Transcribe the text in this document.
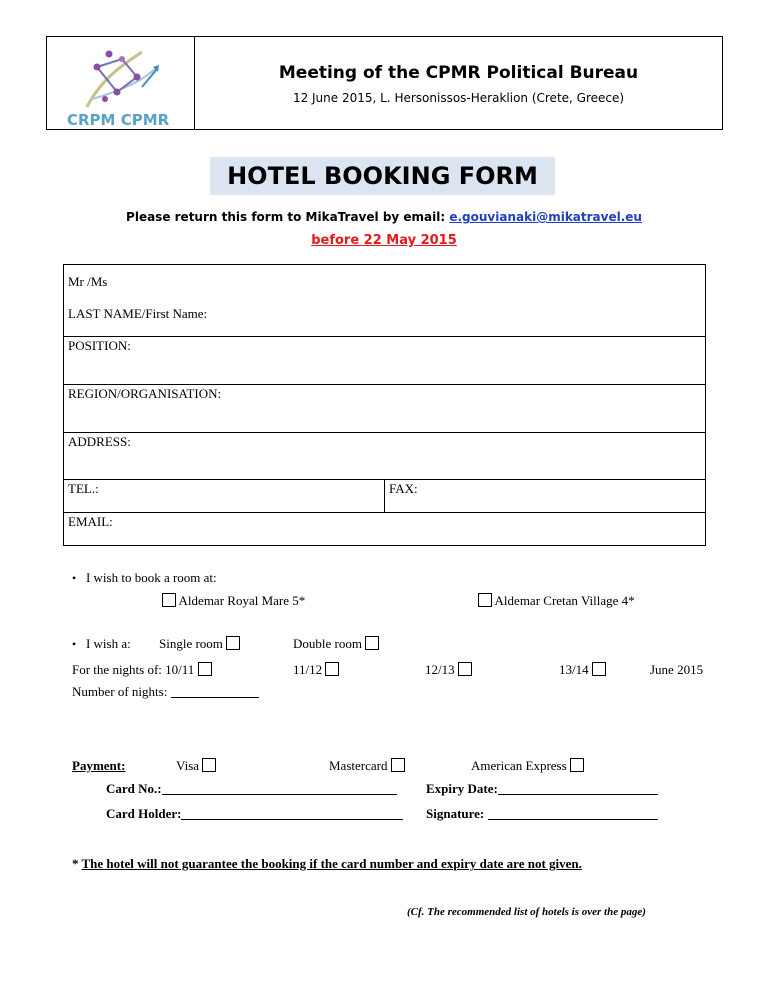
CRPM CPMR
Meeting of the CPMR Political Bureau
12 June 2015, L. Hersonissos-Heraklion (Crete, Greece)
HOTEL BOOKING FORM
Please return this form to MikaTravel by email: e.gouvianaki@mikatravel.eu
before 22 May 2015
Mr /Ms
LAST NAME/First Name:
POSITION:
REGION/ORGANISATION:
ADDRESS:
TEL.:	FAX:
EMAIL:
• I wish to book a room at:
Aldemar Royal Mare 5*	Aldemar Cretan Village 4*
• I wish a: Single room	Double room
For the nights of: 10/11	11/12	12/13	13/14	June 2015
Number of nights:
Payment:	Visa	Mastercard	American Express
Card No.:	Expiry Date:
Card Holder:	Signature:
* The hotel will not guarantee the booking if the card number and expiry date are not given.
(Cf. The recommended list of hotels is over the page)
